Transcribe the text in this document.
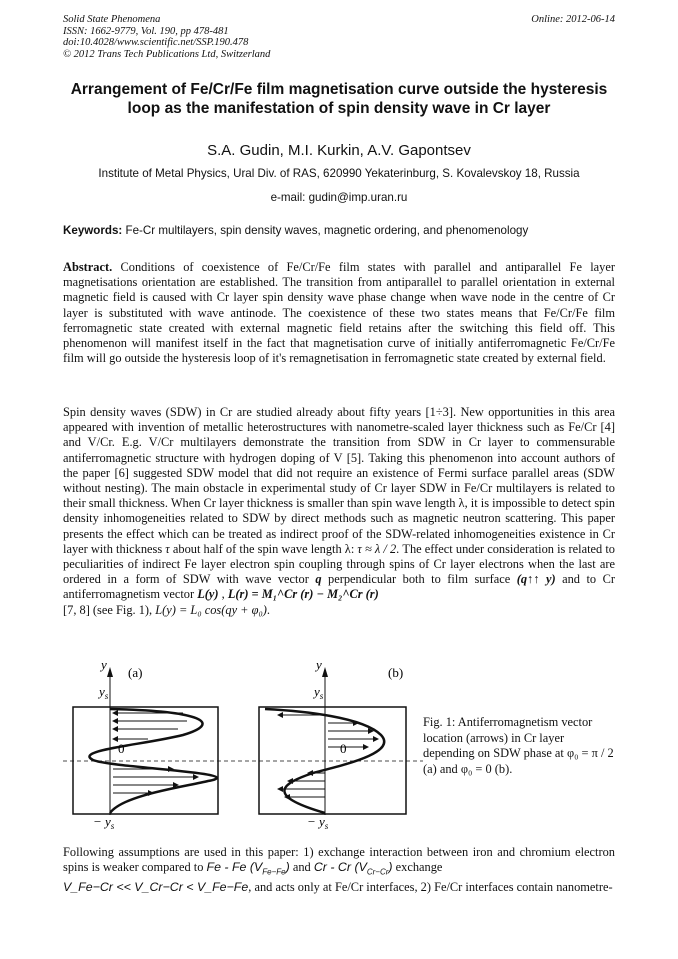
Solid State Phenomena
ISSN: 1662-9779, Vol. 190, pp 478-481
doi:10.4028/www.scientific.net/SSP.190.478
© 2012 Trans Tech Publications Ltd, Switzerland
Online: 2012-06-14
Arrangement of Fe/Cr/Fe film magnetisation curve outside the hysteresis loop as the manifestation of spin density wave in Cr layer
S.A. Gudin, M.I. Kurkin, A.V. Gapontsev
Institute of Metal Physics, Ural Div. of RAS, 620990 Yekaterinburg, S. Kovalevskoy 18, Russia
e-mail: gudin@imp.uran.ru
Keywords: Fe-Cr multilayers, spin density waves, magnetic ordering, and phenomenology
Abstract. Conditions of coexistence of Fe/Cr/Fe film states with parallel and antiparallel Fe layer magnetisations orientation are established. The transition from antiparallel to parallel orientation in external magnetic field is caused with Cr layer spin density wave phase change when wave node in the centre of Cr layer is substituted with wave antinode. The coexistence of these two states means that Fe/Cr/Fe film ferromagnetic state created with external magnetic field retains after the switching this field off. This phenomenon will manifest itself in the fact that magnetisation curve of initially antiferromagnetic Fe/Cr/Fe film will go outside the hysteresis loop of it's remagnetisation in ferromagnetic state created by external field.
Spin density waves (SDW) in Cr are studied already about fifty years [1÷3]. New opportunities in this area appeared with invention of metallic heterostructures with nanometre-scaled layer thickness such as Fe/Cr [4] and V/Cr. E.g. V/Cr multilayers demonstrate the transition from SDW in Cr layer to commensurable antiferromagnetic structure with hydrogen doping of V [5]. Taking this phenomenon into account authors of the paper [6] suggested SDW model that did not require an existence of Fermi surface parallel areas (SDW without nesting). The main obstacle in experimental study of Cr layer SDW in Fe/Cr multilayers is related to their small thickness. When Cr layer thickness is smaller than spin wave length λ, it is impossible to detect spin density inhomogeneities related to SDW by direct methods such as magnetic neutron scattering. This paper presents the effect which can be treated as indirect proof of the SDW-related inhomogeneities existence in Cr layer with thickness τ about half of the spin wave length λ: τ ≈ λ / 2. The effect under consideration is related to peculiarities of indirect Fe layer electron spin coupling through spins of Cr layer electrons when the last are ordered in a form of SDW with wave vector q perpendicular both to film surface (q↑↑ y) and to Cr antiferromagnetism vector L(y) , L(r) = M₁^Cr (r) − M₂^Cr (r)
[7, 8] (see Fig. 1), L(y) = L₀ cos(qy + φ₀).
y
(a)
$y_s$
0
− $y_s$
y
(b)
$y_s$
0
− $y_s$
Fig. 1: Antiferromagnetism vector location (arrows) in Cr layer depending on SDW phase at φ₀ = π / 2 (a) and φ₀ = 0 (b).
Following assumptions are used in this paper: 1) exchange interaction between iron and chromium electron spins is weaker compared to Fe - Fe $(V_{Fe-Fe})$ and Cr - Cr $(V_{Cr-Cr})$ exchange
V_Fe−Cr << V_Cr−Cr < V_Fe−Fe, and acts only at Fe/Cr interfaces, 2) Fe/Cr interfaces contain nanometre-
